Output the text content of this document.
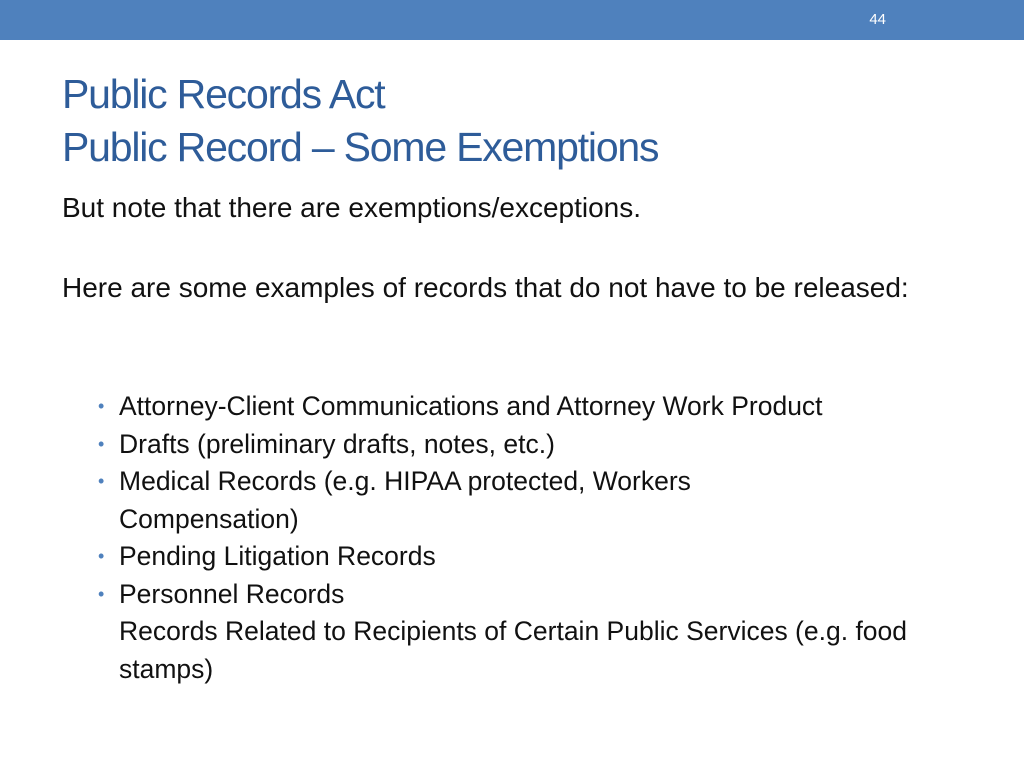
44
Public Records Act
Public Record – Some Exemptions
But note that there are exemptions/exceptions.
Here are some examples of records that do not have to be released:
• Attorney-Client Communications and Attorney Work Product
• Drafts (preliminary drafts, notes, etc.)
• Medical Records (e.g. HIPAA protected, Workers Compensation)
• Pending Litigation Records
• Personnel Records
Records Related to Recipients of Certain Public Services (e.g. food stamps)
